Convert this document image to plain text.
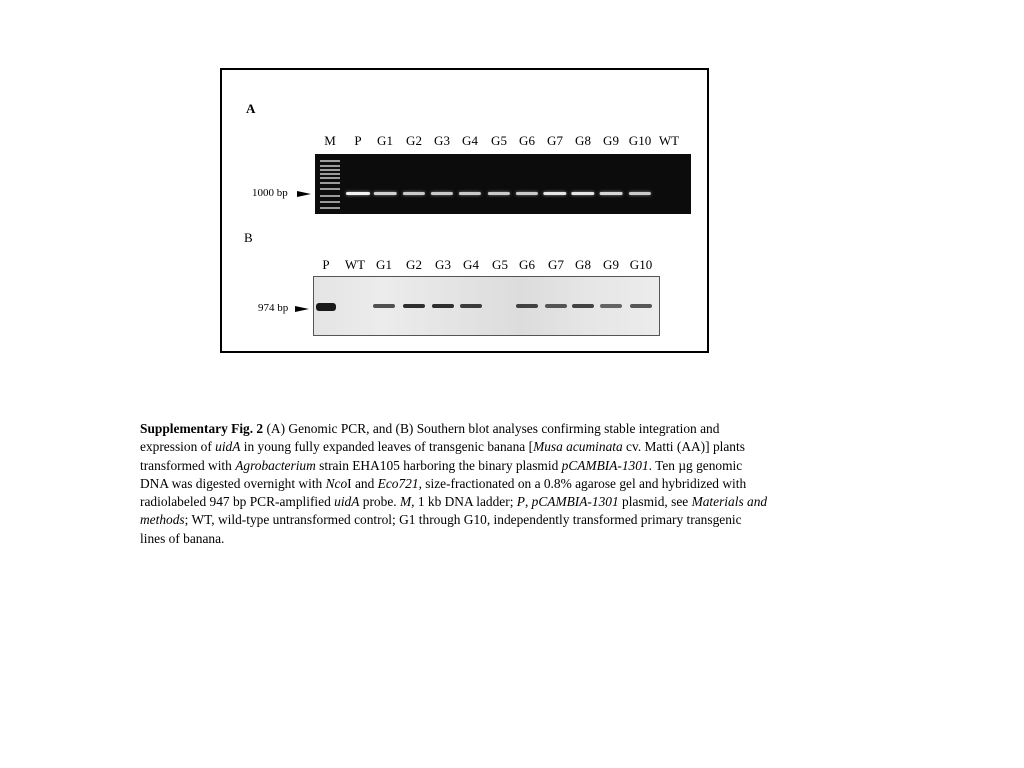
A
M P G1 G2 G3 G4 G5 G6 G7 G8 G9 G10 WT
1000 bp
B
P WT G1 G2 G3 G4 G5 G6 G7 G8 G9 G10
974 bp
Supplementary Fig. 2 (A) Genomic PCR, and (B) Southern blot analyses confirming stable integration and expression of uidA in young fully expanded leaves of transgenic banana [Musa acuminata cv. Matti (AA)] plants transformed with Agrobacterium strain EHA105 harboring the binary plasmid pCAMBIA-1301. Ten µg genomic DNA was digested overnight with NcoI and Eco721, size-fractionated on a 0.8% agarose gel and hybridized with radiolabeled 947 bp PCR-amplified uidA probe. M, 1 kb DNA ladder; P, pCAMBIA-1301 plasmid, see Materials and methods; WT, wild-type untransformed control; G1 through G10, independently transformed primary transgenic lines of banana.
